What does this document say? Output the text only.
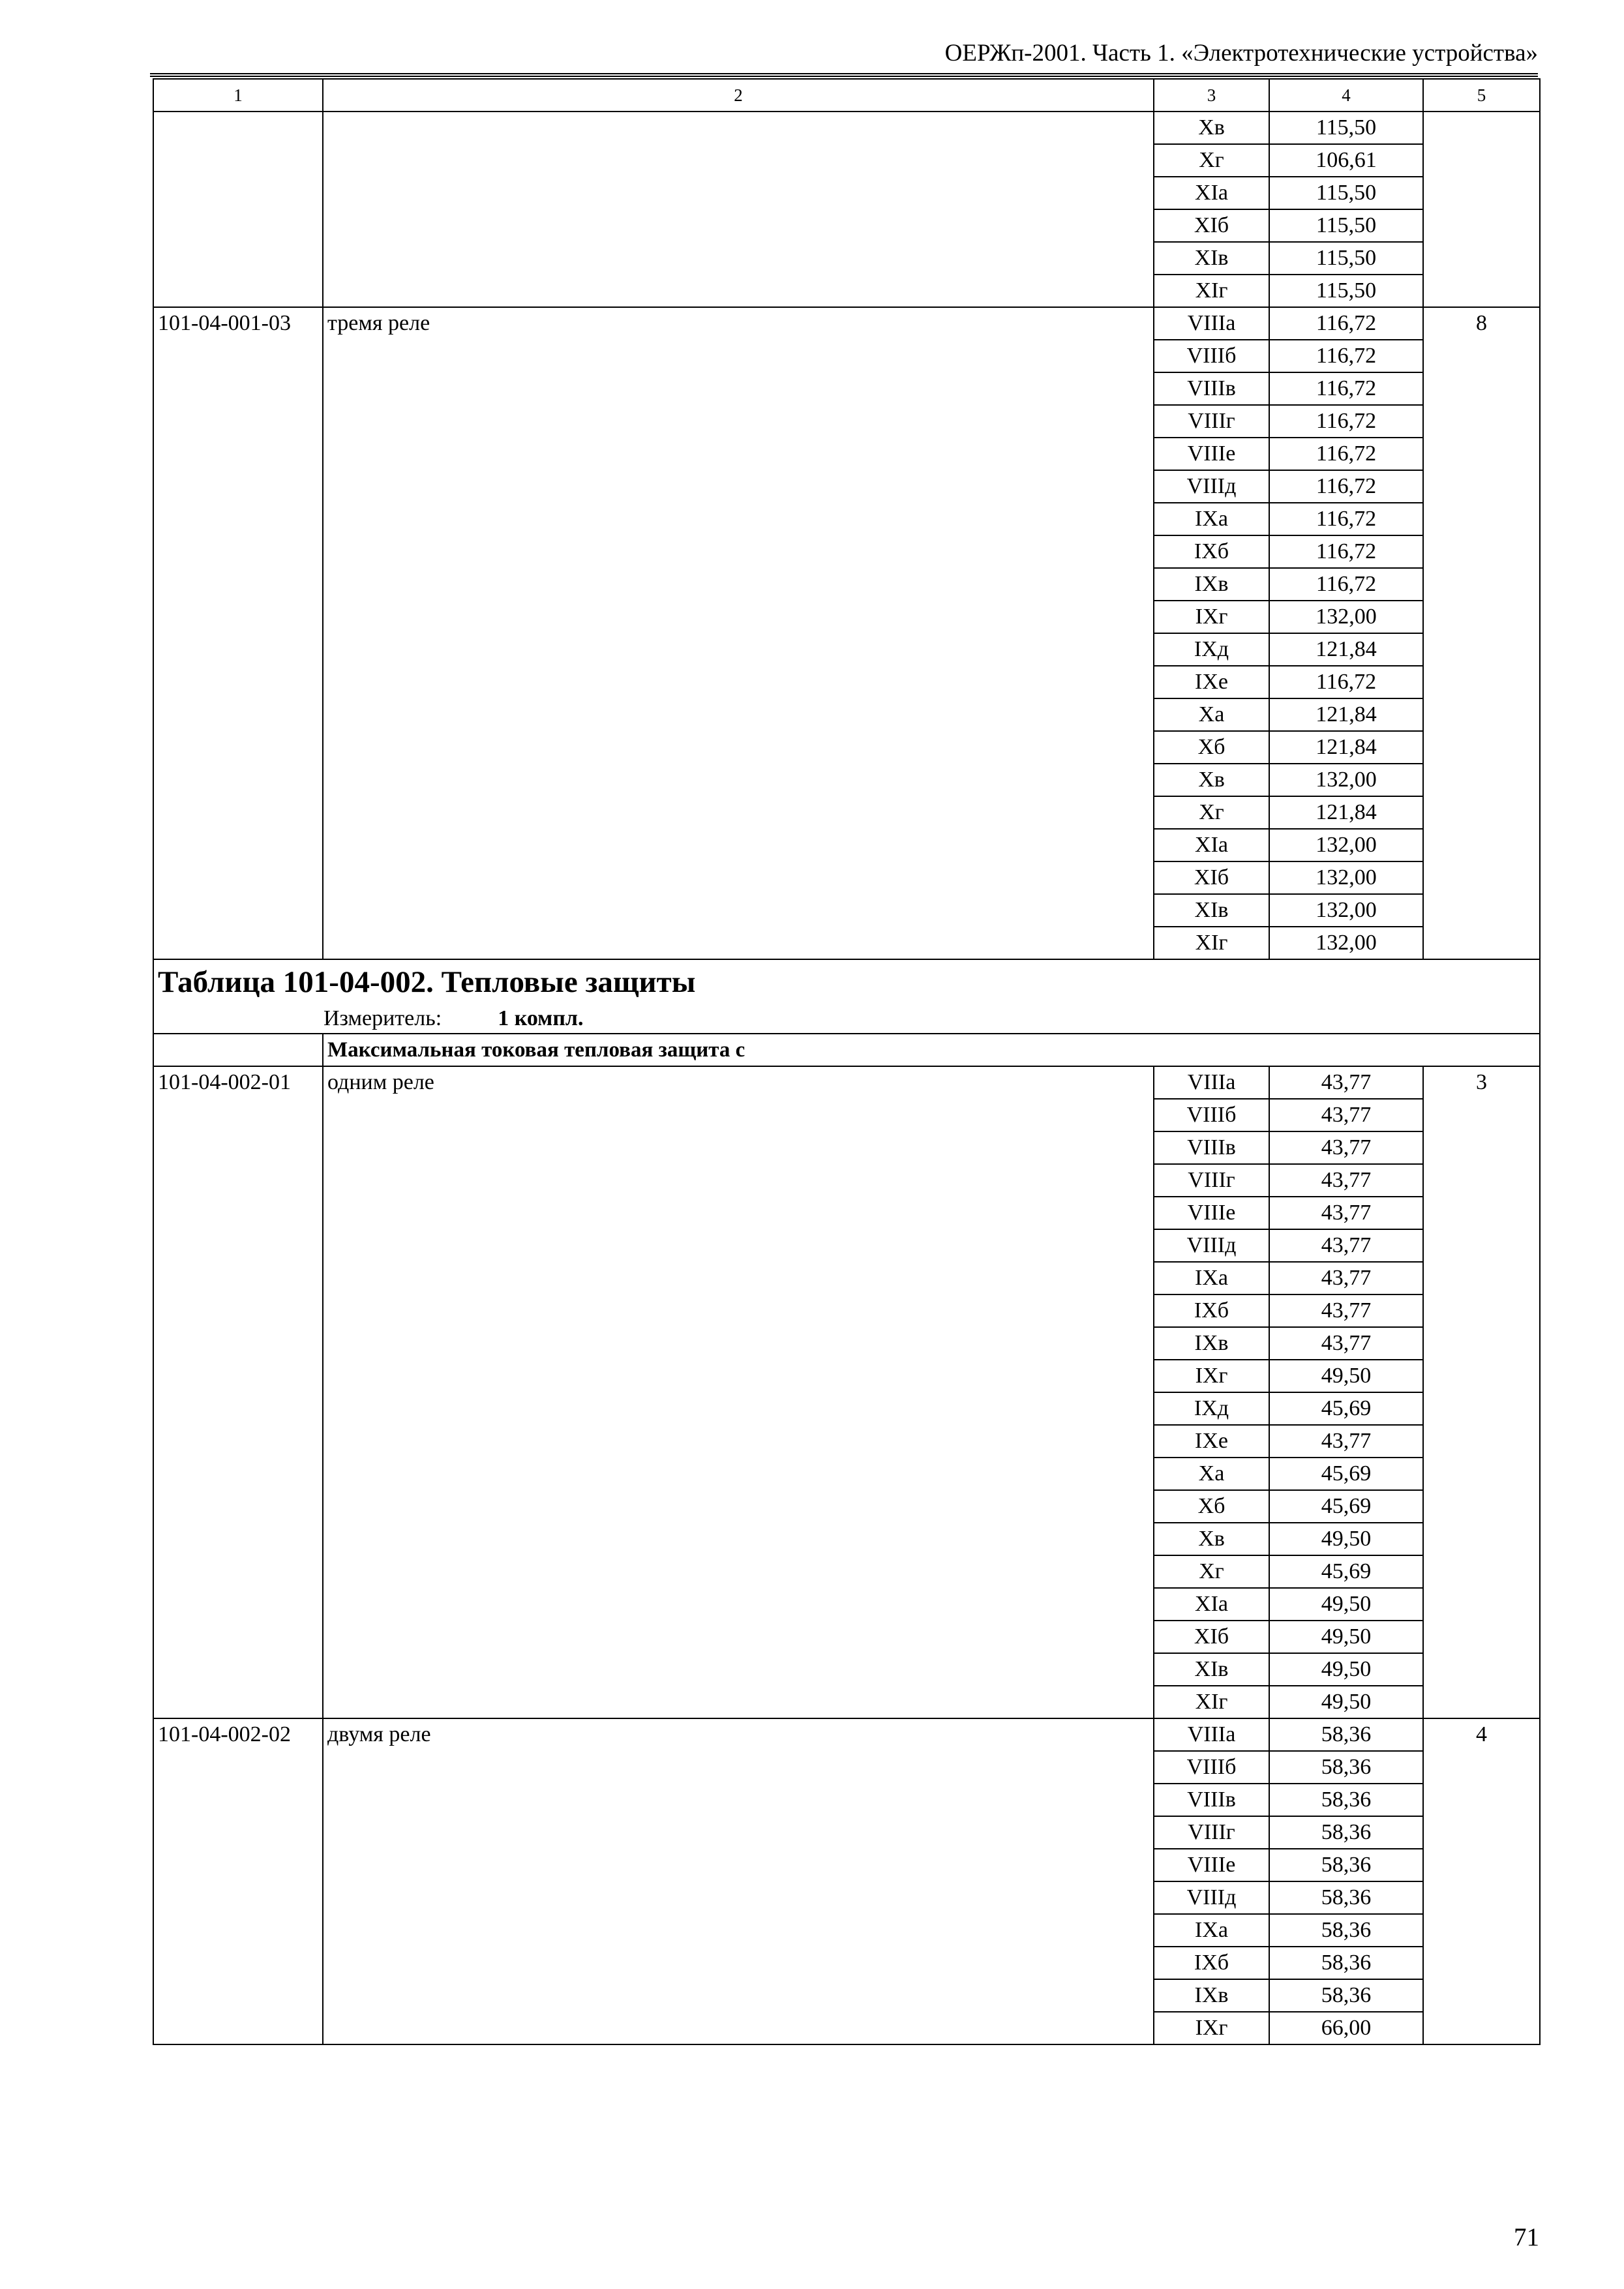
ОЕРЖп-2001. Часть 1. «Электротехнические устройства»
1	2	3	4	5
		Хв	115,50	
		Хг	106,61	
		XIa	115,50	
		XIб	115,50	
		XIв	115,50	
		XIг	115,50	
101-04-001-03	тремя реле	VIIIа	116,72	8
		VIIIб	116,72	
		VIIIв	116,72	
		VIIIг	116,72	
		VIIIе	116,72	
		VIIIд	116,72	
		IХа	116,72	
		IХб	116,72	
		IХв	116,72	
		IХг	132,00	
		IХд	121,84	
		IХе	116,72	
		Ха	121,84	
		Хб	121,84	
		Хв	132,00	
		Хг	121,84	
		XIa	132,00	
		XIб	132,00	
		XIв	132,00	
		XIг	132,00	

Таблица 101-04-002. Тепловые защиты
Измеритель: 1 компл.				

	Максимальная токовая тепловая защита с			
101-04-002-01	одним реле	VIIIа	43,77	3
		VIIIб	43,77	
		VIIIв	43,77	
		VIIIг	43,77	
		VIIIе	43,77	
		VIIIд	43,77	
		IХа	43,77	
		IХб	43,77	
		IХв	43,77	
		IХг	49,50	
		IХд	45,69	
		IХе	43,77	
		Ха	45,69	
		Хб	45,69	
		Хв	49,50	
		Хг	45,69	
		XIa	49,50	
		XIб	49,50	
		XIв	49,50	
		XIг	49,50	
101-04-002-02	двумя реле	VIIIа	58,36	4
		VIIIб	58,36	
		VIIIв	58,36	
		VIIIг	58,36	
		VIIIе	58,36	
		VIIIд	58,36	
		IХа	58,36	
		IХб	58,36	
		IХв	58,36	
		IХг	66,00	
71
